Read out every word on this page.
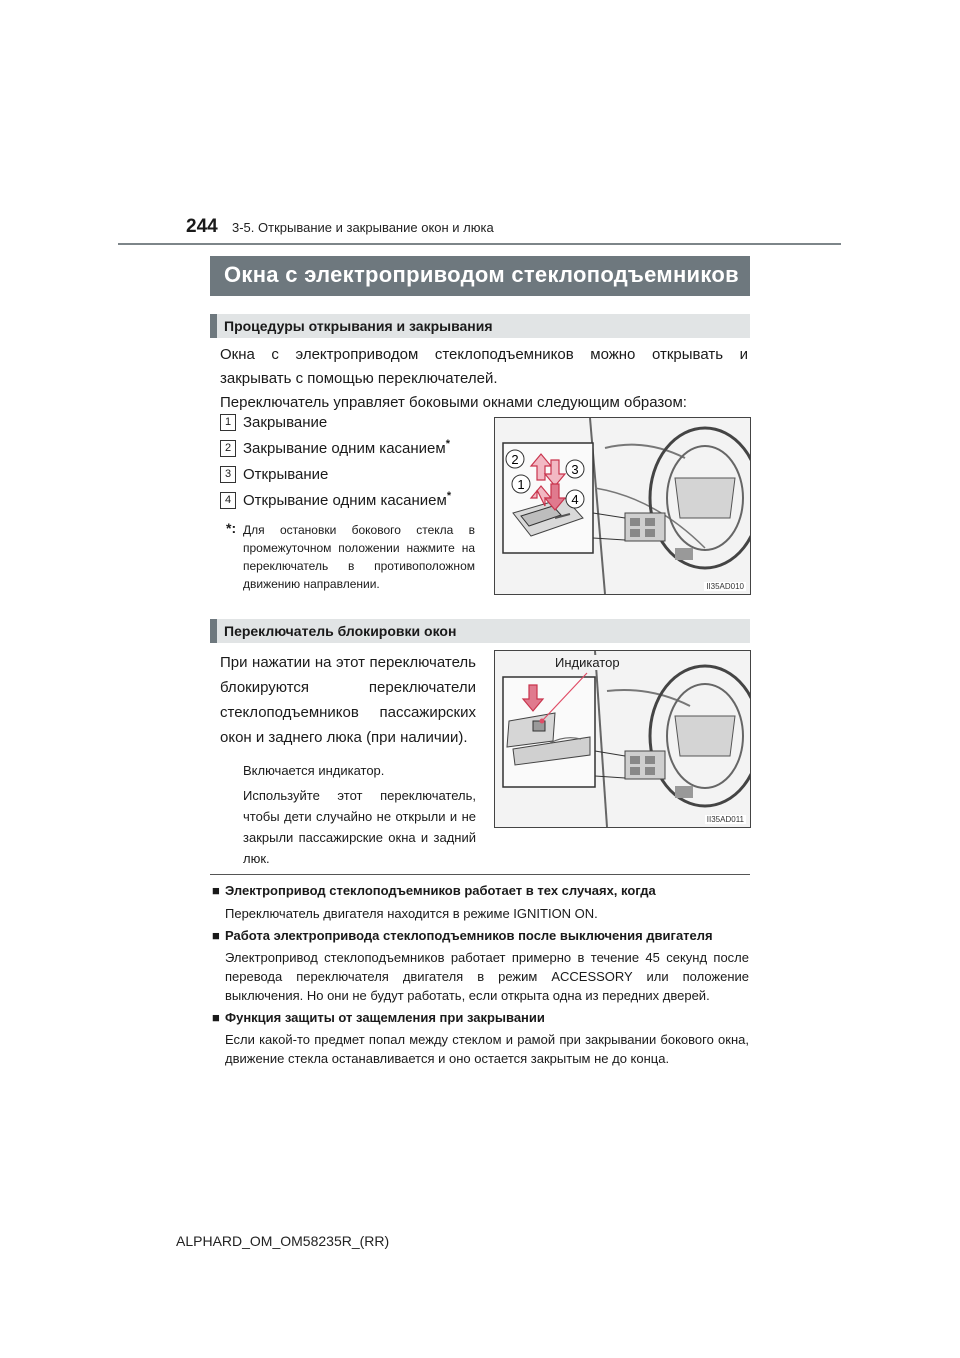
244 3-5. Открывание и закрывание окон и люка
Окна с электроприводом стеклоподъемников
Процедуры открывания и закрывания
Окна с электроприводом стеклоподъемников можно открывать и закрывать с помощью переключателей.
Переключатель управляет боковыми окнами следующим образом:
1 Закрывание
2 Закрывание одним касанием*
3 Открывание
4 Открывание одним касанием*
*: Для остановки бокового стекла в промежуточном положении нажмите на переключатель в противоположном движению направлении.
2
3
1
4
II35AD010
Переключатель блокировки окон
При нажатии на этот переключатель блокируются переключатели стеклоподъемников пассажирских окон и заднего люка (при наличии).
Включается индикатор.
Используйте этот переключатель, чтобы дети случайно не открыли и не закрыли пассажирские окна и задний люк.
Индикатор
II35AD011
■ Электропривод стеклоподъемников работает в тех случаях, когда
Переключатель двигателя находится в режиме IGNITION ON.
■ Работа электропривода стеклоподъемников после выключения двигателя
Электропривод стеклоподъемников работает примерно в течение 45 секунд после перевода переключателя двигателя в режим ACCESSORY или положение выключения. Но они не будут работать, если открыта одна из передних дверей.
■ Функция защиты от защемления при закрывании
Если какой-то предмет попал между стеклом и рамой при закрывании бокового окна, движение стекла останавливается и оно остается закрытым не до конца.
ALPHARD_OM_OM58235R_(RR)
